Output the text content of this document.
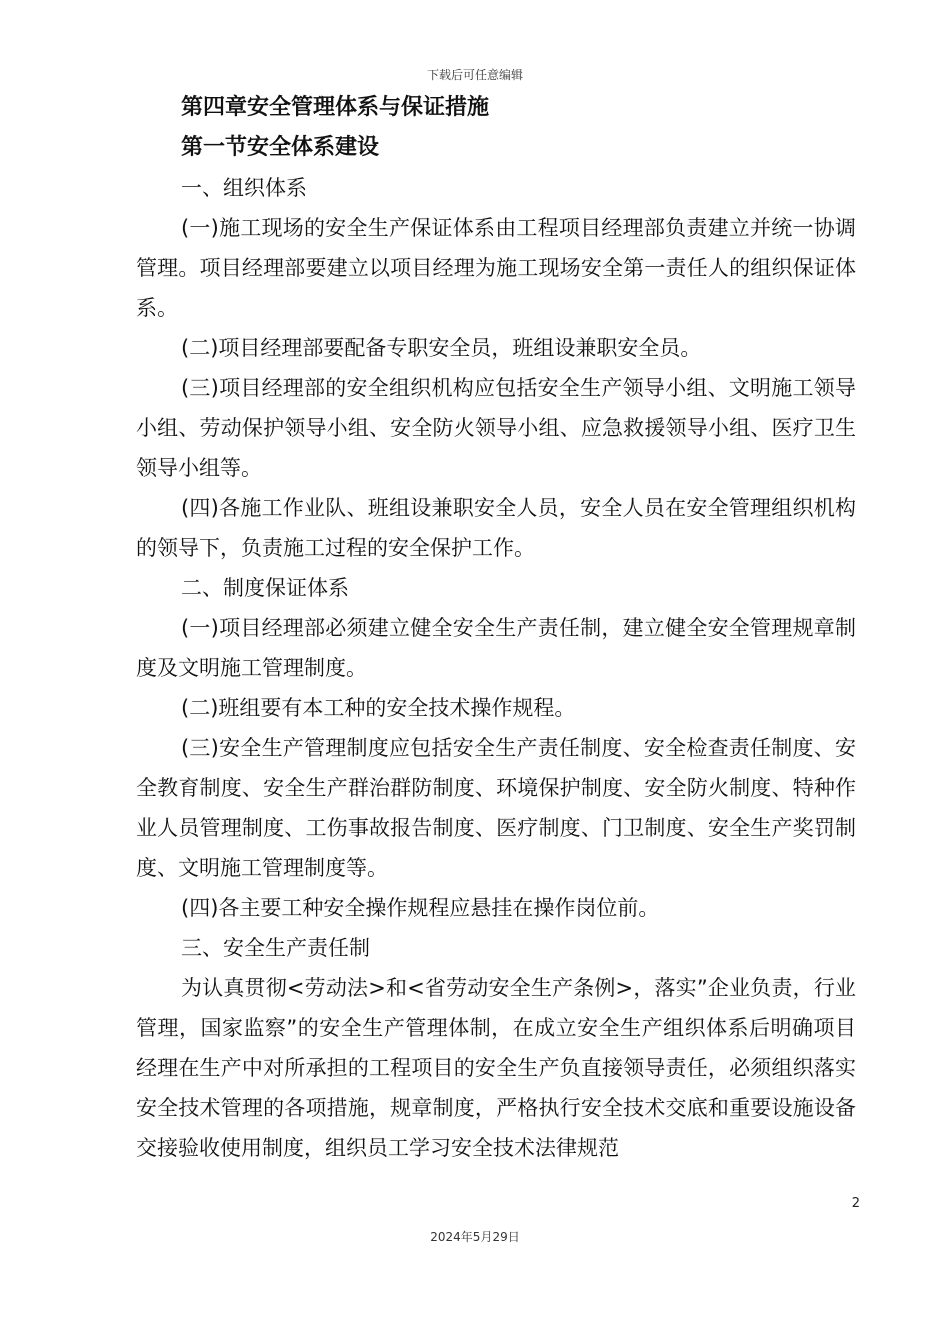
下载后可任意编辑
第四章安全管理体系与保证措施
第一节安全体系建设

一、组织体系

(一)施工现场的安全生产保证体系由工程项目经理部负责建立并统一协调管理。项目经理部要建立以项目经理为施工现场安全第一责任人的组织保证体系。

(二)项目经理部要配备专职安全员，班组设兼职安全员。

(三)项目经理部的安全组织机构应包括安全生产领导小组、文明施工领导小组、劳动保护领导小组、安全防火领导小组、应急救援领导小组、医疗卫生领导小组等。

(四)各施工作业队、班组设兼职安全人员，安全人员在安全管理组织机构的领导下，负责施工过程的安全保护工作。

二、制度保证体系

(一)项目经理部必须建立健全安全生产责任制，建立健全安全管理规章制度及文明施工管理制度。

(二)班组要有本工种的安全技术操作规程。

(三)安全生产管理制度应包括安全生产责任制度、安全检查责任制度、安全教育制度、安全生产群治群防制度、环境保护制度、安全防火制度、特种作业人员管理制度、工伤事故报告制度、医疗制度、门卫制度、安全生产奖罚制度、文明施工管理制度等。

(四)各主要工种安全操作规程应悬挂在操作岗位前。

三、安全生产责任制

为认真贯彻<劳动法>和<省劳动安全生产条例>，落实”企业负责，行业管理，国家监察”的安全生产管理体制，在成立安全生产组织体系后明确项目经理在生产中对所承担的工程项目的安全生产负直接领导责任，必须组织落实安全技术管理的各项措施，规章制度，严格执行安全技术交底和重要设施设备交接验收使用制度，组织员工学习安全技术法律规范

2
2024年5月29日
